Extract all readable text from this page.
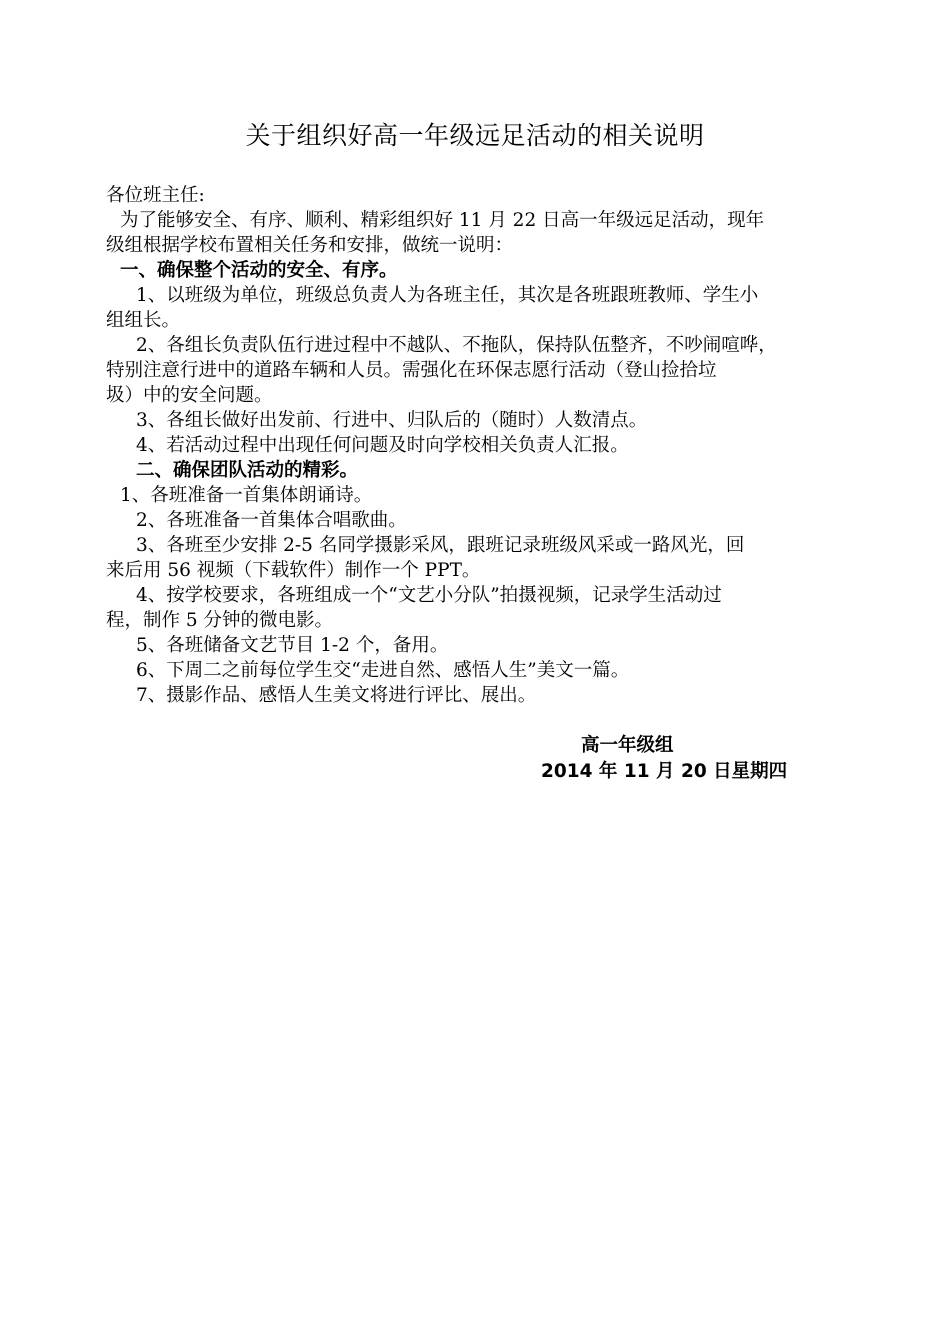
关于组织好高一年级远足活动的相关说明
各位班主任:
为了能够安全、有序、顺利、精彩组织好 11 月 22 日高一年级远足活动，现年
级组根据学校布置相关任务和安排，做统一说明：
一、确保整个活动的安全、有序。
1、以班级为单位，班级总负责人为各班主任，其次是各班跟班教师、学生小
组组长。
2、各组长负责队伍行进过程中不越队、不拖队，保持队伍整齐，不吵闹喧哗，
特别注意行进中的道路车辆和人员。需强化在环保志愿行活动（登山捡拾垃
圾）中的安全问题。
3、各组长做好出发前、行进中、归队后的（随时）人数清点。
4、若活动过程中出现任何问题及时向学校相关负责人汇报。
二、确保团队活动的精彩。
1、各班准备一首集体朗诵诗。
2、各班准备一首集体合唱歌曲。
3、各班至少安排 2-5 名同学摄影采风，跟班记录班级风采或一路风光，回
来后用 56 视频（下载软件）制作一个 PPT。
4、按学校要求，各班组成一个“文艺小分队”拍摄视频，记录学生活动过
程，制作 5 分钟的微电影。
5、各班储备文艺节目 1-2 个，备用。
6、下周二之前每位学生交“走进自然、感悟人生”美文一篇。
7、摄影作品、感悟人生美文将进行评比、展出。
高一年级组
2014 年 11 月 20 日星期四
